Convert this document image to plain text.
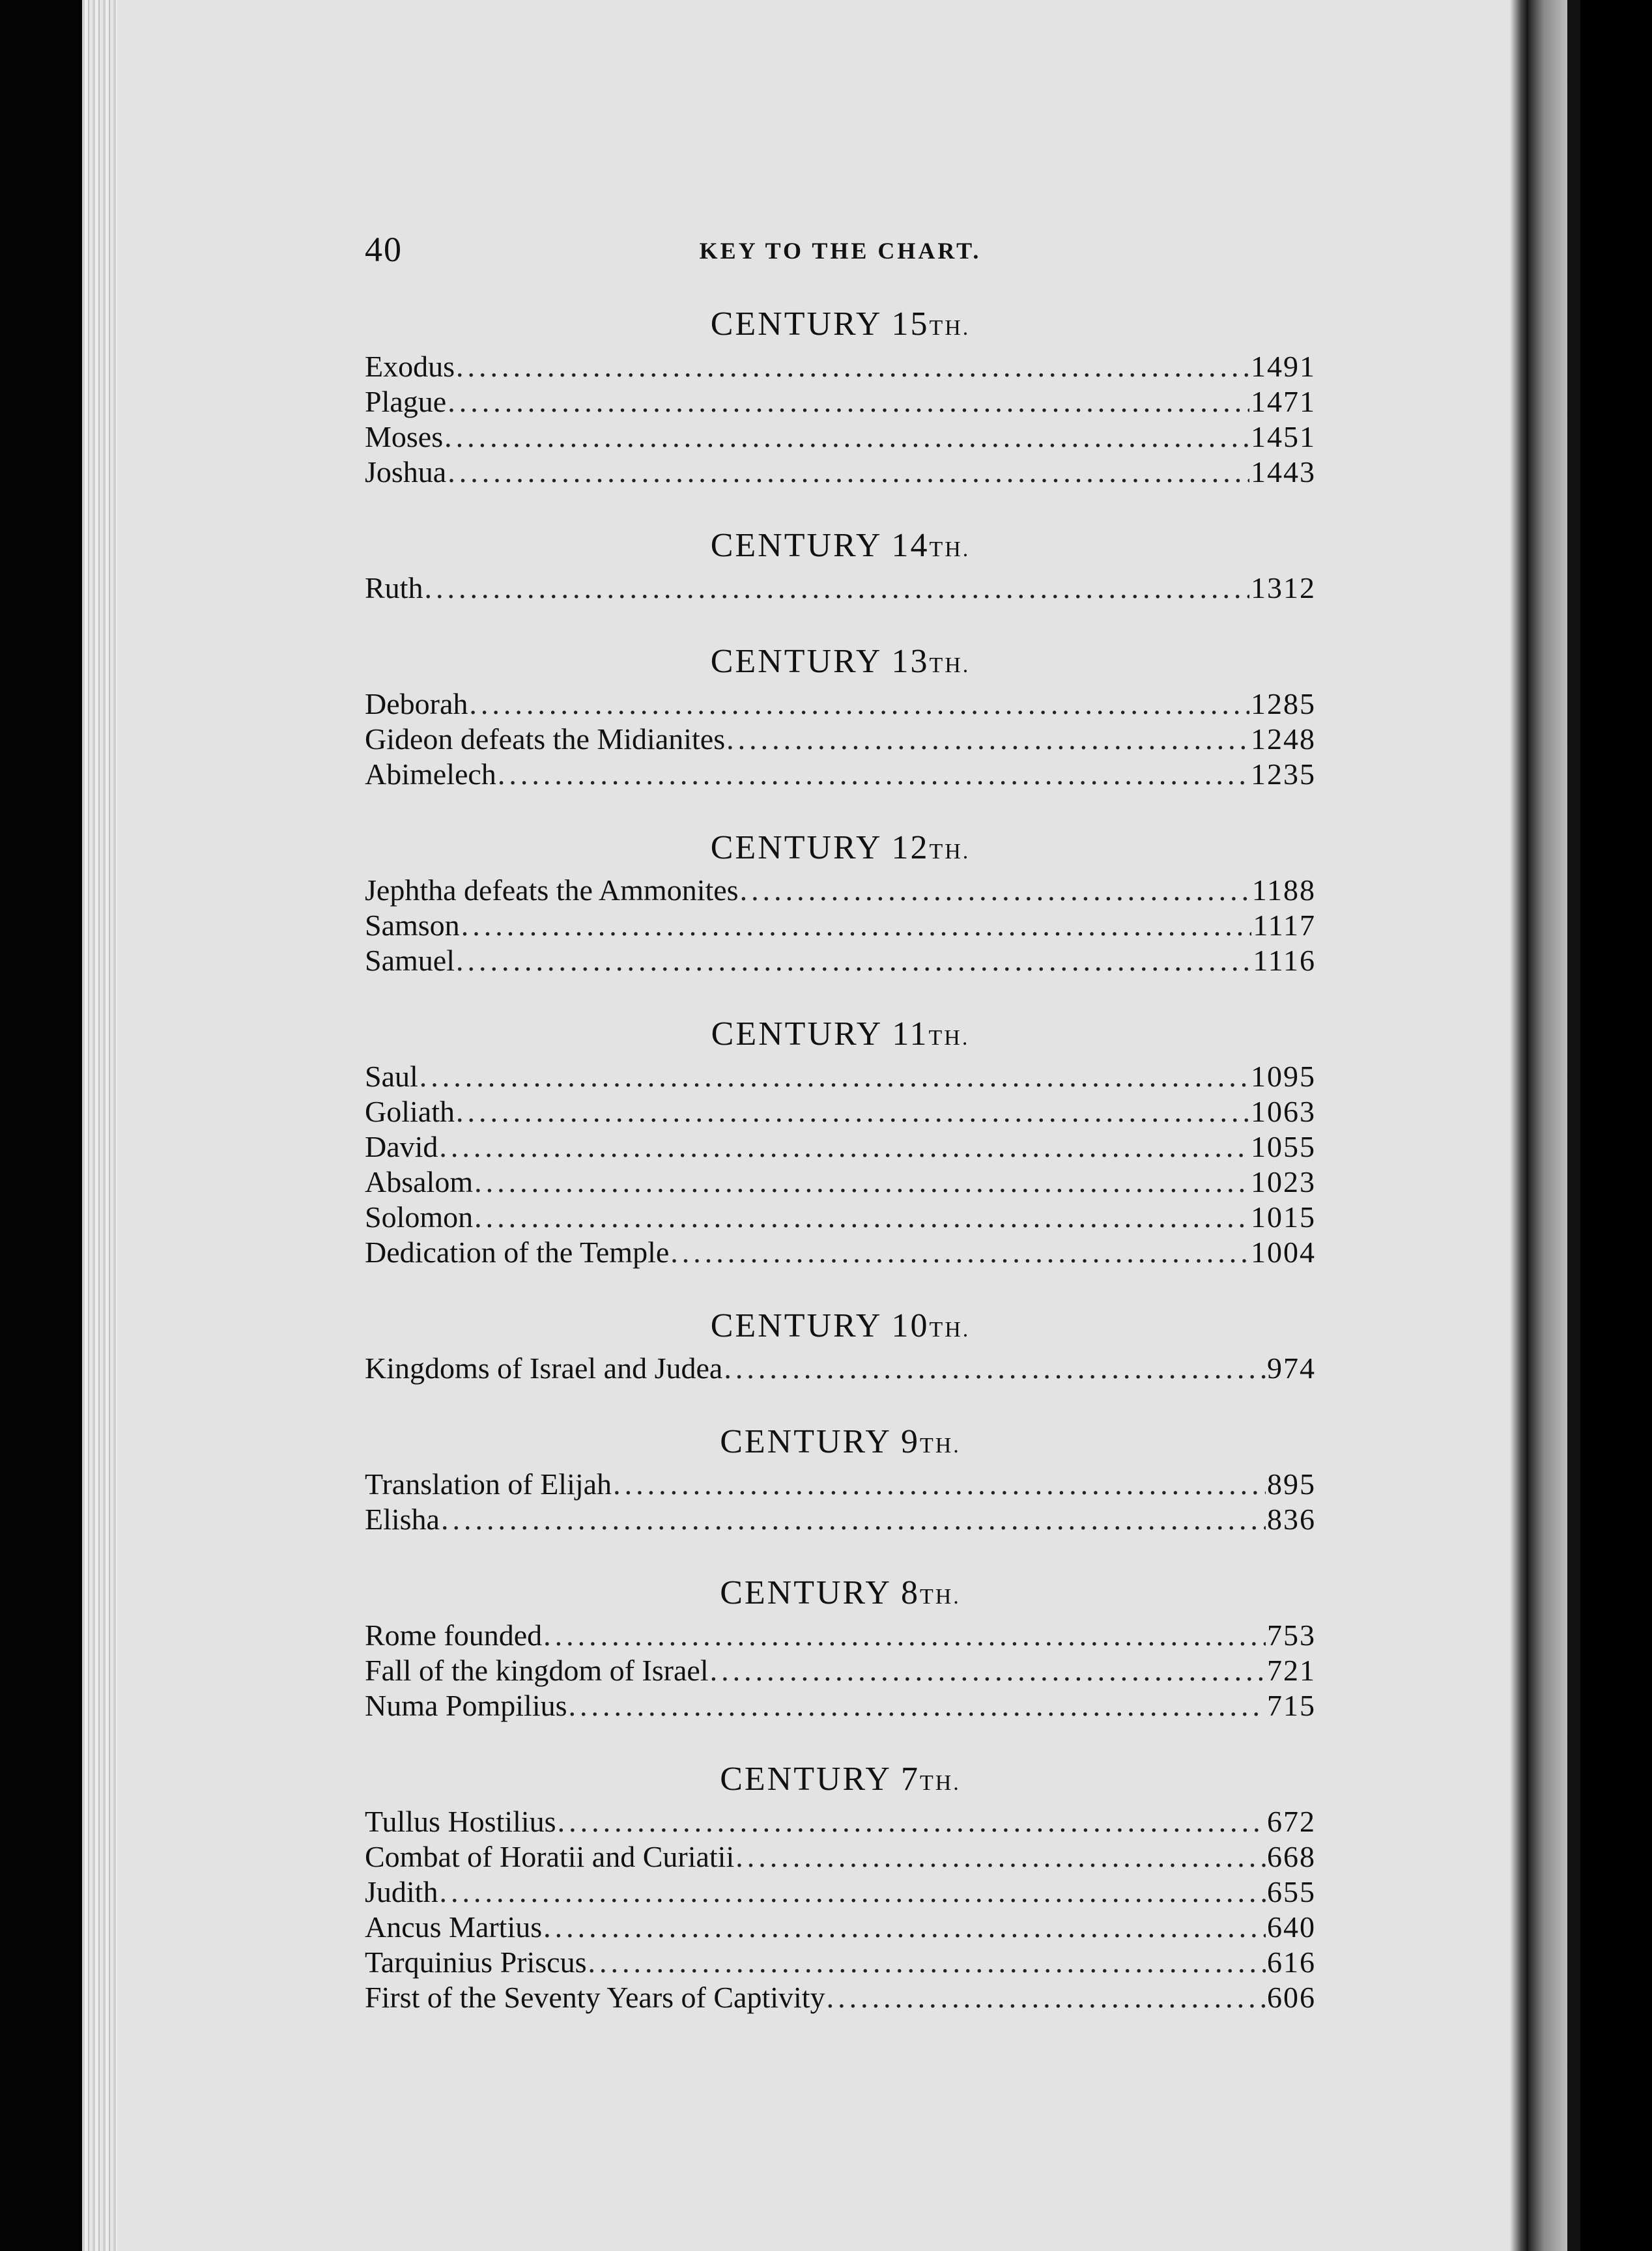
40	KEY TO THE CHART.
CENTURY 15TH.
Exodus .....	1491
Plague .....	1471
Moses .....	1451
Joshua .....	1443
CENTURY 14TH.
Ruth .....	1312
CENTURY 13TH.
Deborah .....	1285
Gideon defeats the Midianites .....	1248
Abimelech .....	1235
CENTURY 12TH.
Jephtha defeats the Ammonites .....	1188
Samson .....	1117
Samuel .....	1116
CENTURY 11TH.
Saul .....	1095
Goliath .....	1063
David .....	1055
Absalom .....	1023
Solomon .....	1015
Dedication of the Temple .....	1004
CENTURY 10TH.
Kingdoms of Israel and Judea .....	974
CENTURY 9TH.
Translation of Elijah .....	895
Elisha .....	836
CENTURY 8TH.
Rome founded .....	753
Fall of the kingdom of Israel .....	721
Numa Pompilius .....	715
CENTURY 7TH.
Tullus Hostilius .....	672
Combat of Horatii and Curiatii .....	668
Judith .....	655
Ancus Martius .....	640
Tarquinius Priscus .....	616
First of the Seventy Years of Captivity .....	606
